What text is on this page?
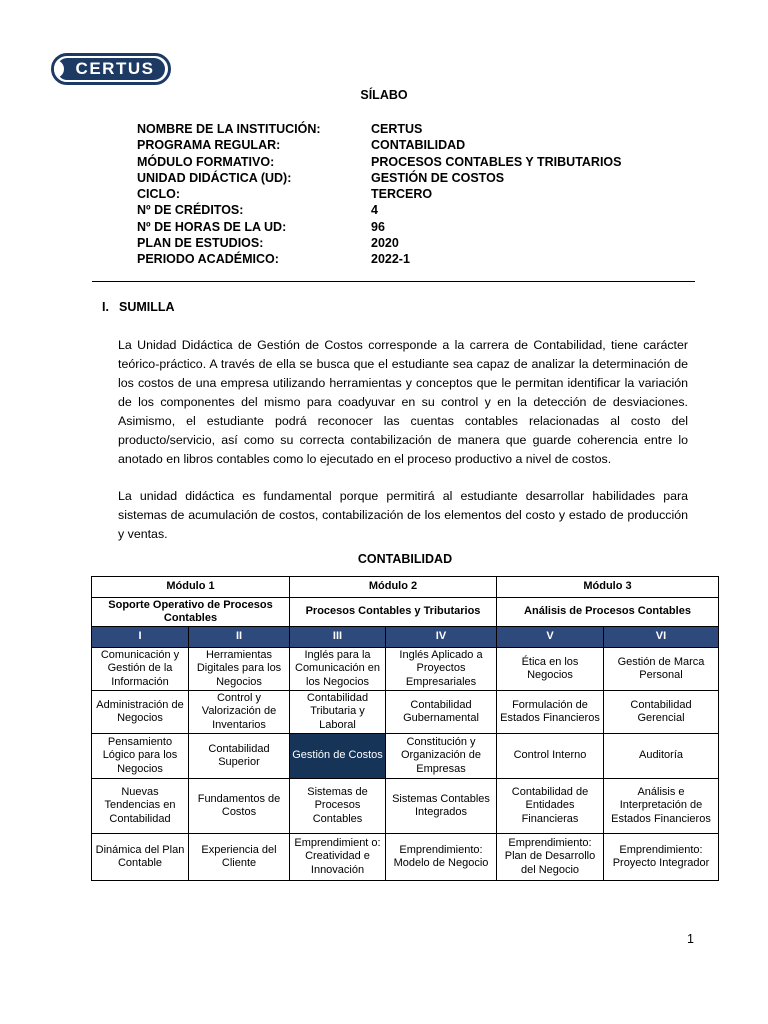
CERTUS
SÍLABO
NOMBRE DE LA INSTITUCIÓN:	CERTUS
PROGRAMA REGULAR:	CONTABILIDAD
MÓDULO FORMATIVO:	PROCESOS CONTABLES Y TRIBUTARIOS
UNIDAD DIDÁCTICA (UD):	GESTIÓN DE COSTOS
CICLO:	TERCERO
Nº DE CRÉDITOS:	4
Nº DE HORAS DE LA UD:	96
PLAN DE ESTUDIOS:	2020
PERIODO ACADÉMICO:	2022-1
I. SUMILLA

La Unidad Didáctica de Gestión de Costos corresponde a la carrera de Contabilidad, tiene carácter teórico-práctico. A través de ella se busca que el estudiante sea capaz de analizar la determinación de los costos de una empresa utilizando herramientas y conceptos que le permitan identificar la variación de los componentes del mismo para coadyuvar en su control y en la detección de desviaciones. Asimismo, el estudiante podrá reconocer las cuentas contables relacionadas al costo del producto/servicio, así como su correcta contabilización de manera que guarde coherencia entre lo anotado en libros contables como lo ejecutado en el proceso productivo a nivel de costos.

La unidad didáctica es fundamental porque permitirá al estudiante desarrollar habilidades para sistemas de acumulación de costos, contabilización de los elementos del costo y estado de producción y ventas.

CONTABILIDAD
Módulo 1		Módulo 2		Módulo 3	
Soporte Operativo de Procesos Contables		Procesos Contables y Tributarios		Análisis de Procesos Contables	
I	II	III	IV	V	VI
Comunicación y Gestión de la Información	Herramientas Digitales para los Negocios	Inglés para la Comunicación en los Negocios	Inglés Aplicado a Proyectos Empresariales	Ética en los Negocios	Gestión de Marca Personal
Administración de Negocios	Control y Valorización de Inventarios	Contabilidad Tributaria y Laboral	Contabilidad Gubernamental	Formulación de Estados Financieros	Contabilidad Gerencial
Pensamiento Lógico para los Negocios	Contabilidad Superior	Gestión de Costos	Constitución y Organización de Empresas	Control Interno	Auditoría
Nuevas Tendencias en Contabilidad	Fundamentos de Costos	Sistemas de Procesos Contables	Sistemas Contables Integrados	Contabilidad de Entidades Financieras	Análisis e Interpretación de Estados Financieros
Dinámica del Plan Contable	Experiencia del Cliente	Emprendimient o: Creatividad e Innovación	Emprendimiento: Modelo de Negocio	Emprendimiento: Plan de Desarrollo del Negocio	Emprendimiento: Proyecto Integrador
1
